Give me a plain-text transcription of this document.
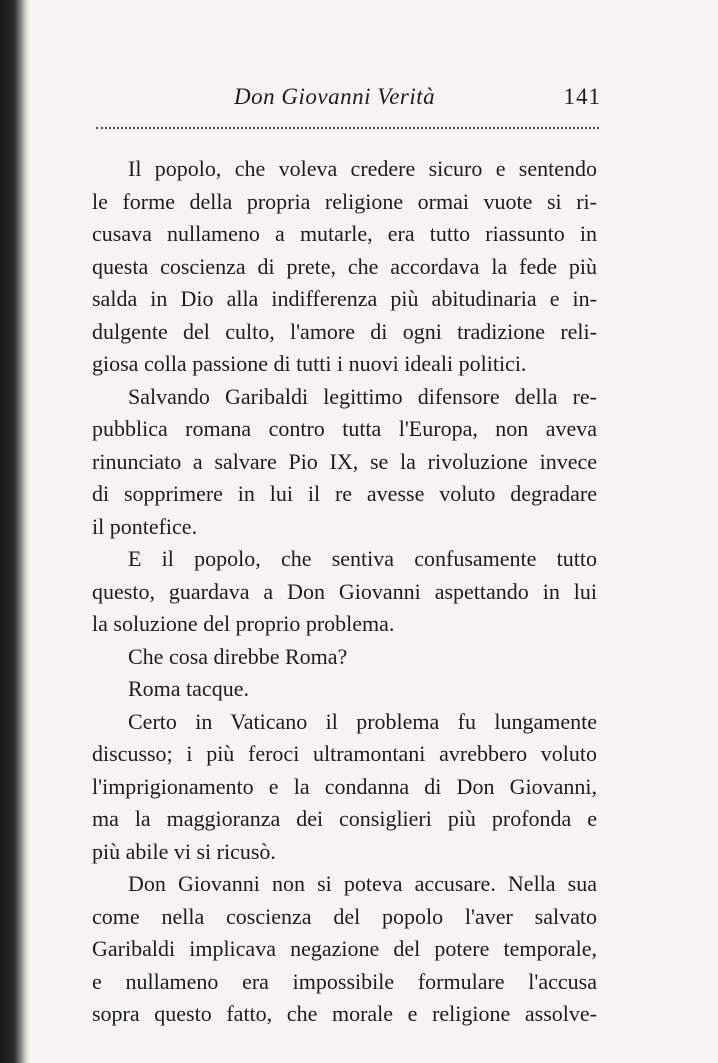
Don Giovanni Verità	141
Il popolo, che voleva credere sicuro e sentendo
le forme della propria religione ormai vuote si ri-
cusava nullameno a mutarle, era tutto riassunto in
questa coscienza di prete, che accordava la fede più
salda in Dio alla indifferenza più abitudinaria e in-
dulgente del culto, l'amore di ogni tradizione reli-
giosa colla passione di tutti i nuovi ideali politici.
Salvando Garibaldi legittimo difensore della re-
pubblica romana contro tutta l'Europa, non aveva
rinunciato a salvare Pio IX, se la rivoluzione invece
di sopprimere in lui il re avesse voluto degradare
il pontefice.
E il popolo, che sentiva confusamente tutto
questo, guardava a Don Giovanni aspettando in lui
la soluzione del proprio problema.
Che cosa direbbe Roma?
Roma tacque.
Certo in Vaticano il problema fu lungamente
discusso; i più feroci ultramontani avrebbero voluto
l'imprigionamento e la condanna di Don Giovanni,
ma la maggioranza dei consiglieri più profonda e
più abile vi si ricusò.
Don Giovanni non si poteva accusare. Nella sua
come nella coscienza del popolo l'aver salvato
Garibaldi implicava negazione del potere temporale,
e nullameno era impossibile formulare l'accusa
sopra questo fatto, che morale e religione assolve-
